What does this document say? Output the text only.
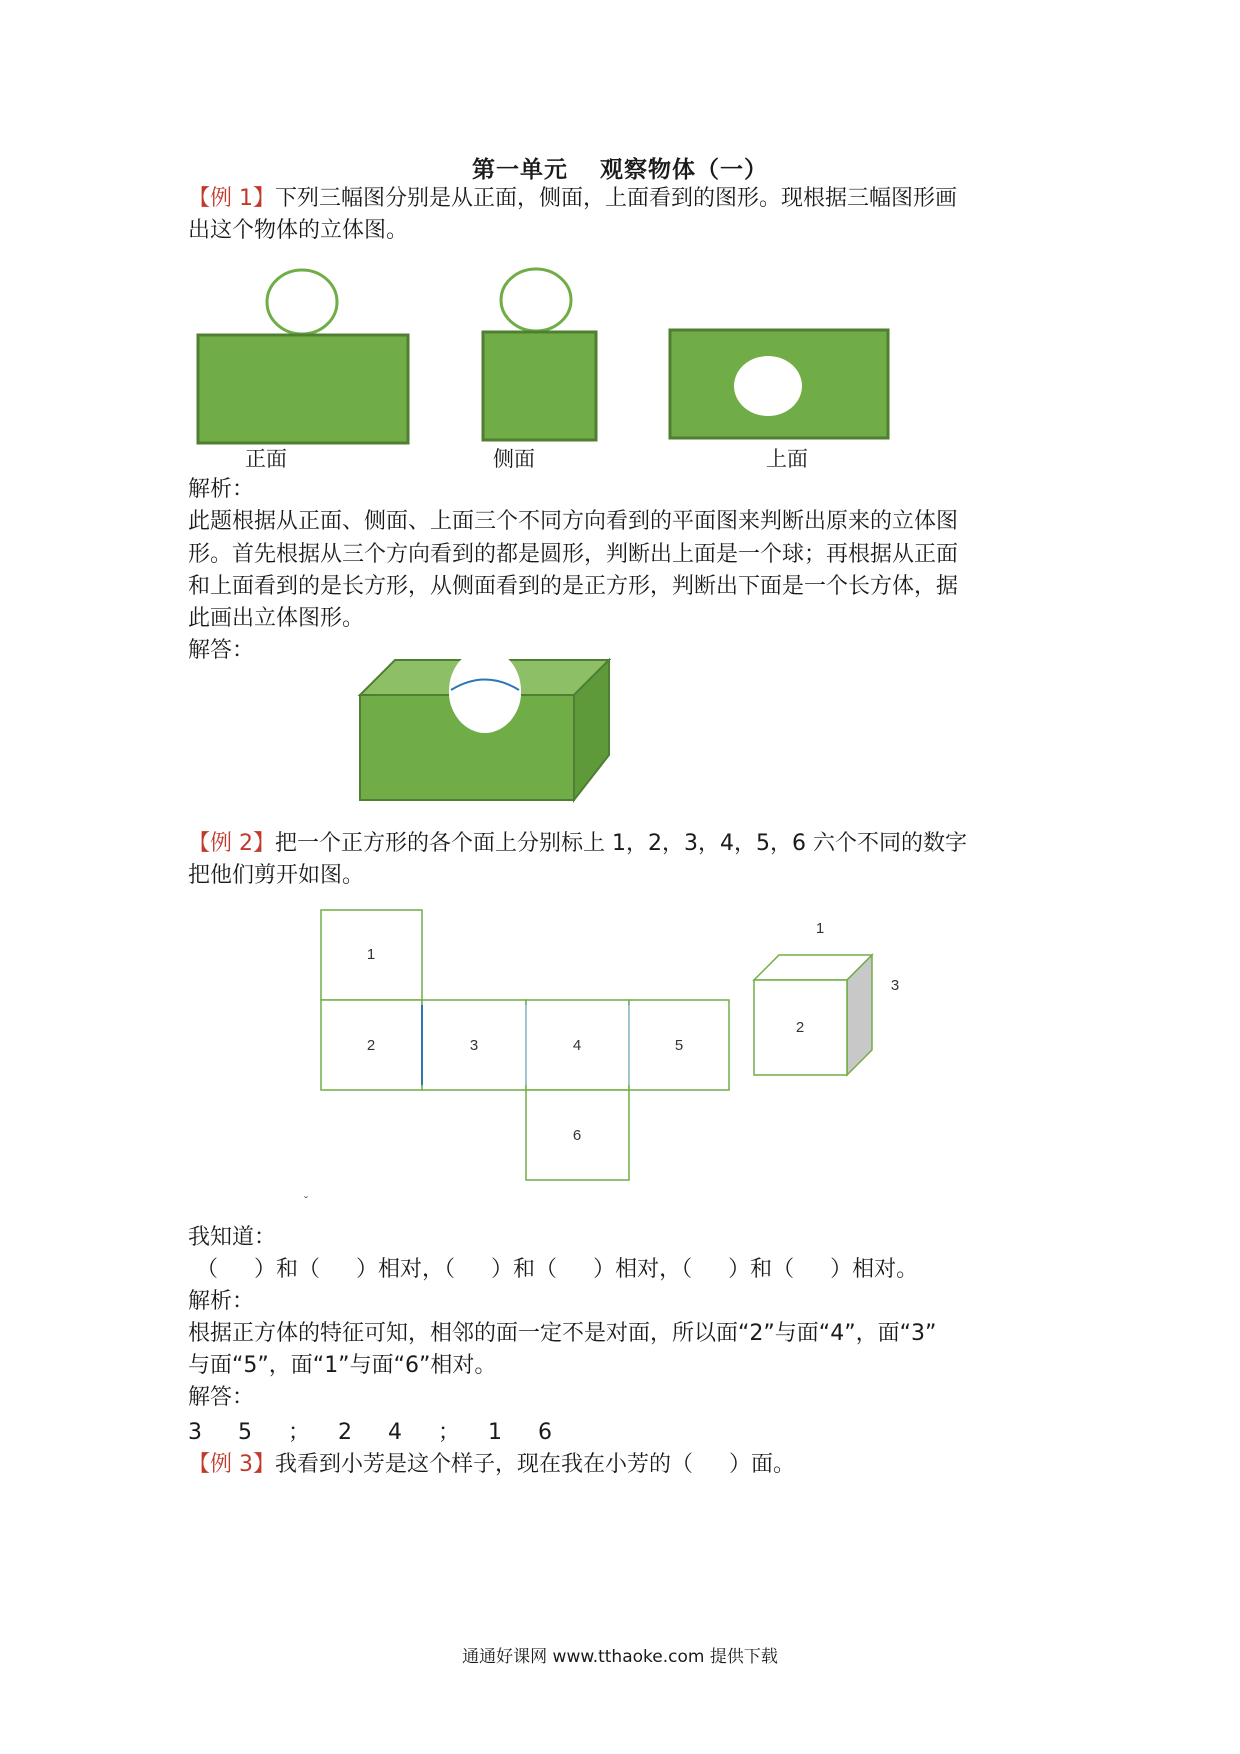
第一单元 观察物体（一）
【例 1】下列三幅图分别是从正面，侧面，上面看到的图形。现根据三幅图形画
出这个物体的立体图。
正面	侧面	上面
解析：
此题根据从正面、侧面、上面三个不同方向看到的平面图来判断出原来的立体图
形。首先根据从三个方向看到的都是圆形，判断出上面是一个球；再根据从正面
和上面看到的是长方形，从侧面看到的是正方形，判断出下面是一个长方体，据
此画出立体图形。
解答：
【例 2】把一个正方形的各个面上分别标上 1，2，3，4，5，6 六个不同的数字
把他们剪开如图。
1
2	3	4	5
6
1
2
3
ˇ
我知道：
（ ）和（ ）相对，（ ）和（ ）相对，（ ）和（ ）相对。
解析：
根据正方体的特征可知，相邻的面一定不是对面，所以面“2”与面“4”，面“3”
与面“5”，面“1”与面“6”相对。
解答：
3 5 ； 2 4 ； 1 6
【例 3】我看到小芳是这个样子，现在我在小芳的（ ）面。
通通好课网 www.tthaoke.com 提供下载
